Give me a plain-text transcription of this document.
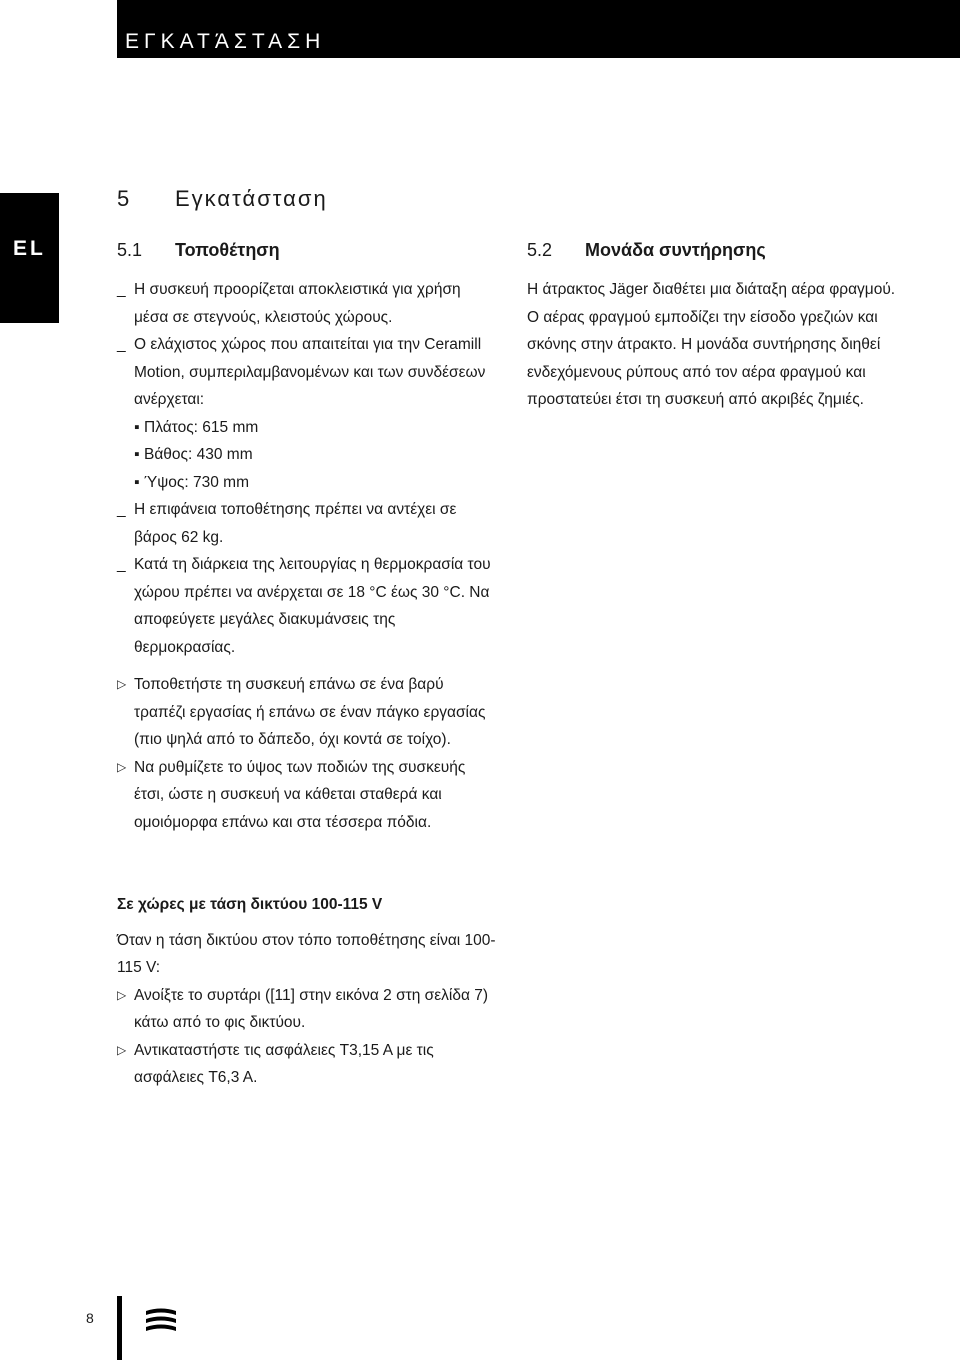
ΕΓΚΑΤΆΣΤΑΣΗ
EL
5 Εγκατάσταση
5.1 Τοποθέτηση	5.2 Μονάδα συντήρησης
_ Η συσκευή προορίζεται αποκλειστικά για χρήση μέσα σε στεγνούς, κλειστούς χώρους.
_ Ο ελάχιστος χώρος που απαιτείται για την Ceramill Motion, συμπεριλαμβανομένων και των συνδέσεων ανέρχεται:
▪ Πλάτος: 615 mm
▪ Βάθος: 430 mm
▪ Ύψος: 730 mm
_ Η επιφάνεια τοποθέτησης πρέπει να αντέχει σε βάρος 62 kg.
_ Κατά τη διάρκεια της λειτουργίας η θερμοκρασία του χώρου πρέπει να ανέρχεται σε 18 °C έως 30 °C. Να αποφεύγετε μεγάλες διακυμάνσεις της θερμοκρασίας.
▷ Τοποθετήστε τη συσκευή επάνω σε ένα βαρύ τραπέζι εργασίας ή επάνω σε έναν πάγκο εργασίας (πιο ψηλά από το δάπεδο, όχι κοντά σε τοίχο).
▷ Να ρυθμίζετε το ύψος των ποδιών της συσκευής έτσι, ώστε η συσκευή να κάθεται σταθερά και ομοιόμορφα επάνω και στα τέσσερα πόδια.

Σε χώρες με τάση δικτύου 100-115 V

Όταν η τάση δικτύου στον τόπο τοποθέτησης είναι 100-115 V:

▷ Ανοίξτε το συρτάρι ([11] στην εικόνα 2 στη σελίδα 7) κάτω από το φις δικτύου.
▷ Αντικαταστήστε τις ασφάλειες T3,15 A με τις ασφάλειες T6,3 A.

Η άτρακτος Jäger διαθέτει μια διάταξη αέρα φραγμού. Ο αέρας φραγμού εμποδίζει την είσοδο γρεζιών και σκόνης στην άτρακτο. Η μονάδα συντήρησης διηθεί ενδεχόμενους ρύπους από τον αέρα φραγμού και προστατεύει έτσι τη συσκευή από ακριβές ζημιές.

8
